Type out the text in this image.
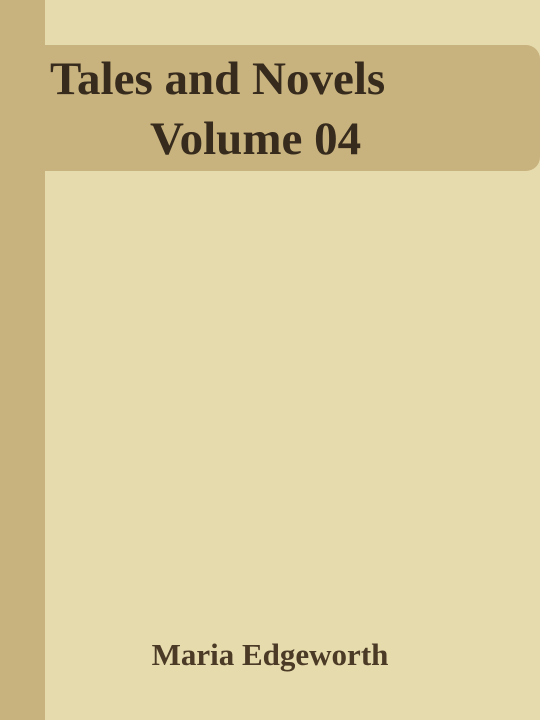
Tales and Novels
Volume 04

Maria Edgeworth
